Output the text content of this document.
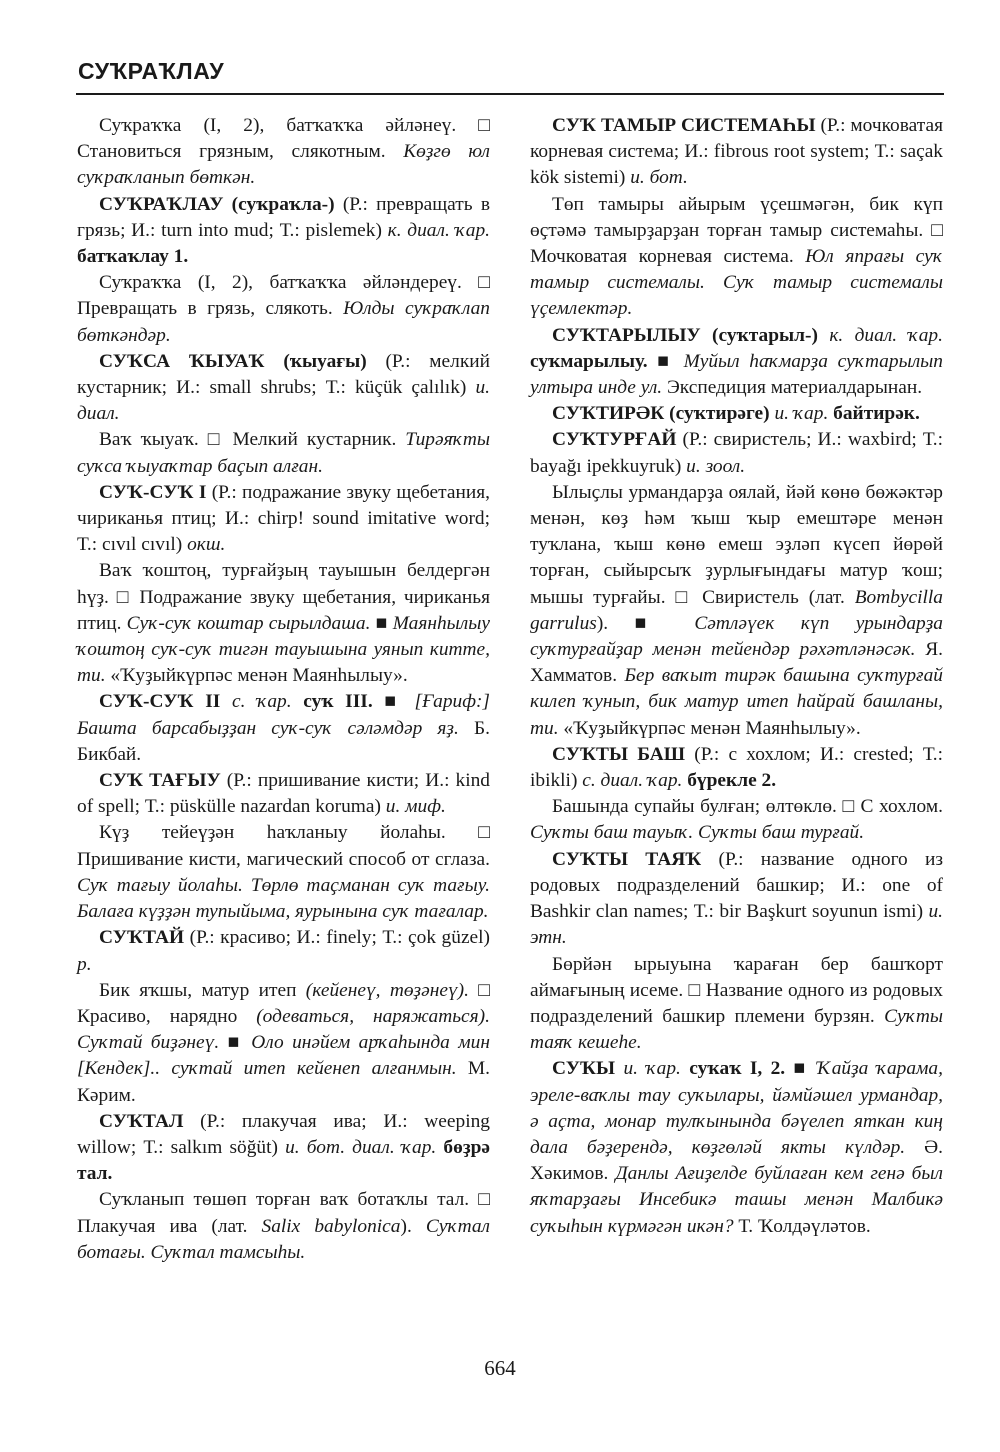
СУҠРАҠЛАУ

Суҡраҡҡа (I, 2), батҡаҡҡа әйләнеү. □ Становиться грязным, слякотным. Көҙгө юл суҡраҡланып бөткән.

СУҠРАҠЛАУ (суҡраҡла-) (Р.: превращать в грязь; И.: turn into mud; Т.: pislemek) к. диал. ҡар. батҡаҡлау 1.

Суҡраҡҡа (I, 2), батҡаҡҡа әйләндереү. □ Превращать в грязь, слякоть. Юлды суҡраҡлап бөткәндәр.

СУҠСА ҠЫУАҠ (ҡыуағы) (Р.: мелкий кустарник; И.: small shrubs; Т.: küçük çalılık) и. диал.

Ваҡ ҡыуаҡ. □ Мелкий кустарник. Тирәяҡты суҡса ҡыуаҡтар баҫып алған.

СУҠ-СУҠ I (Р.: подражание звуку щебетания, чириканья птиц; И.: chirp! sound imitative word; Т.: cıvıl cıvıl) окш.

Ваҡ ҡоштоң, турғайҙың тауышын белдергән һүҙ. □ Подражание звуку щебетания, чириканья птиц. Суҡ-суҡ коштар сырылдаша. ■ Маянһылыу ҡоштоң суҡ-суҡ тигән тауышына уянып китте, ти. «Ҡуҙыйкүрпәс менән Маянһылыу».

СУҠ-СУҠ II с. ҡар. суҡ III. ■ [Ғариф:] Башта барсабыҙҙан суҡ-суҡ сәләмдәр яҙ. Б. Бикбай.

СУҠ ТАҒЫУ (Р.: пришивание кисти; И.: kind of spell; Т.: püskülle nazardan koruma) и. миф.

Күҙ тейеүҙән һаҡланыу йолаһы. □ Пришивание кисти, магический способ от сглаза. Суҡ тағыу йолаһы. Төрлө таҫманан суҡ тағыу. Балаға күҙҙән тупыйыма, яурынына суҡ тағалар.

СУҠТАЙ (Р.: красиво; И.: finely; Т.: çok güzel) р.

Бик яҡшы, матур итеп (кейенеү, төҙәнеү). □ Красиво, нарядно (одеваться, наряжаться). Суҡтай биҙәнеү. ■ Оло инәйем арҡаһында мин [Кендек].. суҡтай итеп кейенеп алғанмын. М. Кәрим.

СУҠТАЛ (Р.: плакучая ива; И.: weeping willow; Т.: salkım söğüt) и. бот. диал. ҡар. бөҙрә тал.

Суҡланып төшөп торған ваҡ ботаҡлы тал. □ Плакучая ива (лат. Salix babylonica). Суҡтал ботағы. Суҡтал тамсыһы.

СУҠ ТАМЫР СИСТЕМАҺЫ (Р.: мочковатая корневая система; И.: fibrous root system; Т.: saçak kök sistemi) и. бот.

Төп тамыры айырым үҫешмәгән, бик күп өҫтәмә тамырҙарҙан торған тамыр системаһы. □ Мочковатая корневая система. Юл япрағы суҡ тамыр системалы. Суҡ тамыр системалы үҫемлектәр.

СУҠТАРЫЛЫУ (суҡтарыл-) к. диал. ҡар. суҡмарылыу. ■ Муйыл һаҡмарҙа суҡтарылып ултыра инде ул. Экспедиция материалдарынан.

СУҠТИРӘК (суҡтирәге) и. ҡар. байтирәк.

СУҠТУРҒАЙ (Р.: свиристель; И.: waxbird; Т.: bayağı ipekkuyruk) и. зоол.

Ылыҫлы урмандарҙа оялай, йәй көнө бөжәктәр менән, көҙ һәм ҡыш ҡыр емештәре менән туҡлана, ҡыш көнө емеш эҙләп күсеп йөрөй торған, сыйырсыҡ ҙурлығындағы матур ҡош; мышы турғайы. □ Свиристель (лат. Bombycilla garrulus). ■ Сәтләүек күп урындарҙа суҡтурғайҙар менән тейендәр рәхәтләнәсәк. Я. Хамматов. Бер ваҡыт тирәк башына суҡтурғай килеп ҡунып, бик матур итеп һайрай башланы, ти. «Ҡуҙыйкүрпәс менән Маянһылыу».

СУҠТЫ БАШ (Р.: с хохлом; И.: crested; Т.: ibikli) с. диал. ҡар. бүрекле 2.

Башында супайы булған; өлтөклө. □ С хохлом. Суҡты баш тауыҡ. Суҡты баш турғай.

СУҠТЫ ТАЯҠ (Р.: название одного из родовых подразделений башкир; И.: one of Bashkir clan names; Т.: bir Başkurt soyunun ismi) и. этн.

Бөрйән ырыуына ҡараған бер башҡорт аймағының исеме. □ Название одного из родовых подразделений башкир племени бурзян. Суҡты таяҡ кешеһе.

СУҠЫ и. ҡар. суҡаҡ I, 2. ■ Ҡайҙа ҡарама, эреле-ваҡлы тау суҡылары, йәмйәшел урмандар, ә аҫта, монар тулҡынында бәүелеп яткан киң дала бәҙерендә, көҙгөләй якты күлдәр. Ә. Хәкимов. Данлы Ағиҙелде буйлаған кем генә был яҡтарҙағы Инсебикә ташы менән Малбикә суҡыһын күрмәгән икән? Т. Ҡолдәүләтов.

664
